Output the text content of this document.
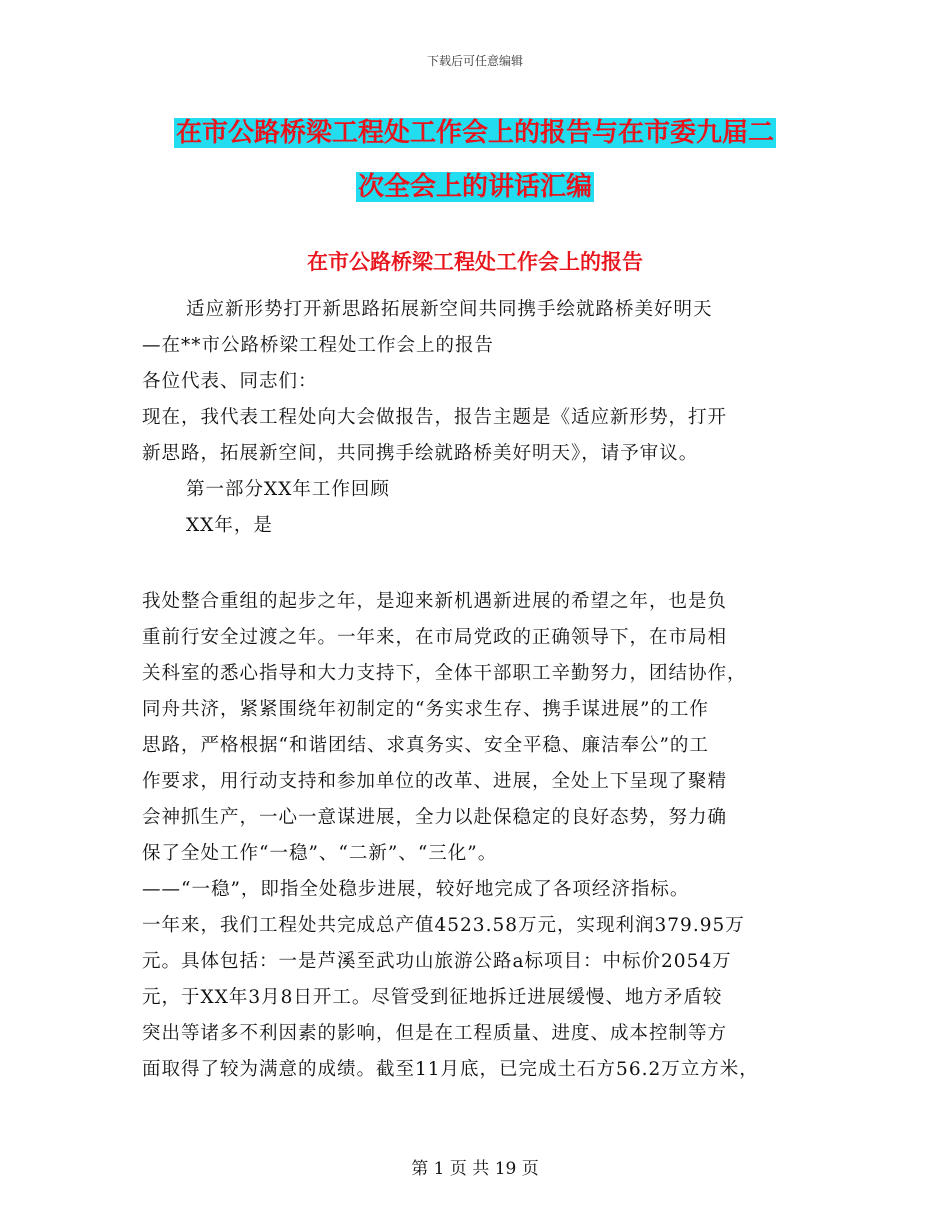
下载后可任意编辑
在市公路桥梁工程处工作会上的报告与在市委九届二
次全会上的讲话汇编
在市公路桥梁工程处工作会上的报告
适应新形势打开新思路拓展新空间共同携手绘就路桥美好明天
—在**市公路桥梁工程处工作会上的报告
各位代表、同志们：
现在，我代表工程处向大会做报告，报告主题是《适应新形势，打开
新思路，拓展新空间，共同携手绘就路桥美好明天》，请予审议。
第一部分XX年工作回顾
XX年，是
我处整合重组的起步之年，是迎来新机遇新进展的希望之年，也是负
重前行安全过渡之年。一年来，在市局党政的正确领导下，在市局相
关科室的悉心指导和大力支持下，全体干部职工辛勤努力，团结协作，
同舟共济，紧紧围绕年初制定的“务实求生存、携手谋进展”的工作
思路，严格根据“和谐团结、求真务实、安全平稳、廉洁奉公”的工
作要求，用行动支持和参加单位的改革、进展，全处上下呈现了聚精
会神抓生产，一心一意谋进展，全力以赴保稳定的良好态势，努力确
保了全处工作“一稳”、“二新”、“三化”。
——“一稳”，即指全处稳步进展，较好地完成了各项经济指标。
一年来，我们工程处共完成总产值4523.58万元，实现利润379.95万
元。具体包括：一是芦溪至武功山旅游公路a标项目：中标价2054万
元，于XX年3月8日开工。尽管受到征地拆迁进展缓慢、地方矛盾较
突出等诸多不利因素的影响，但是在工程质量、进度、成本控制等方
面取得了较为满意的成绩。截至11月底，已完成土石方56.2万立方米，
第 1 页 共 19 页
